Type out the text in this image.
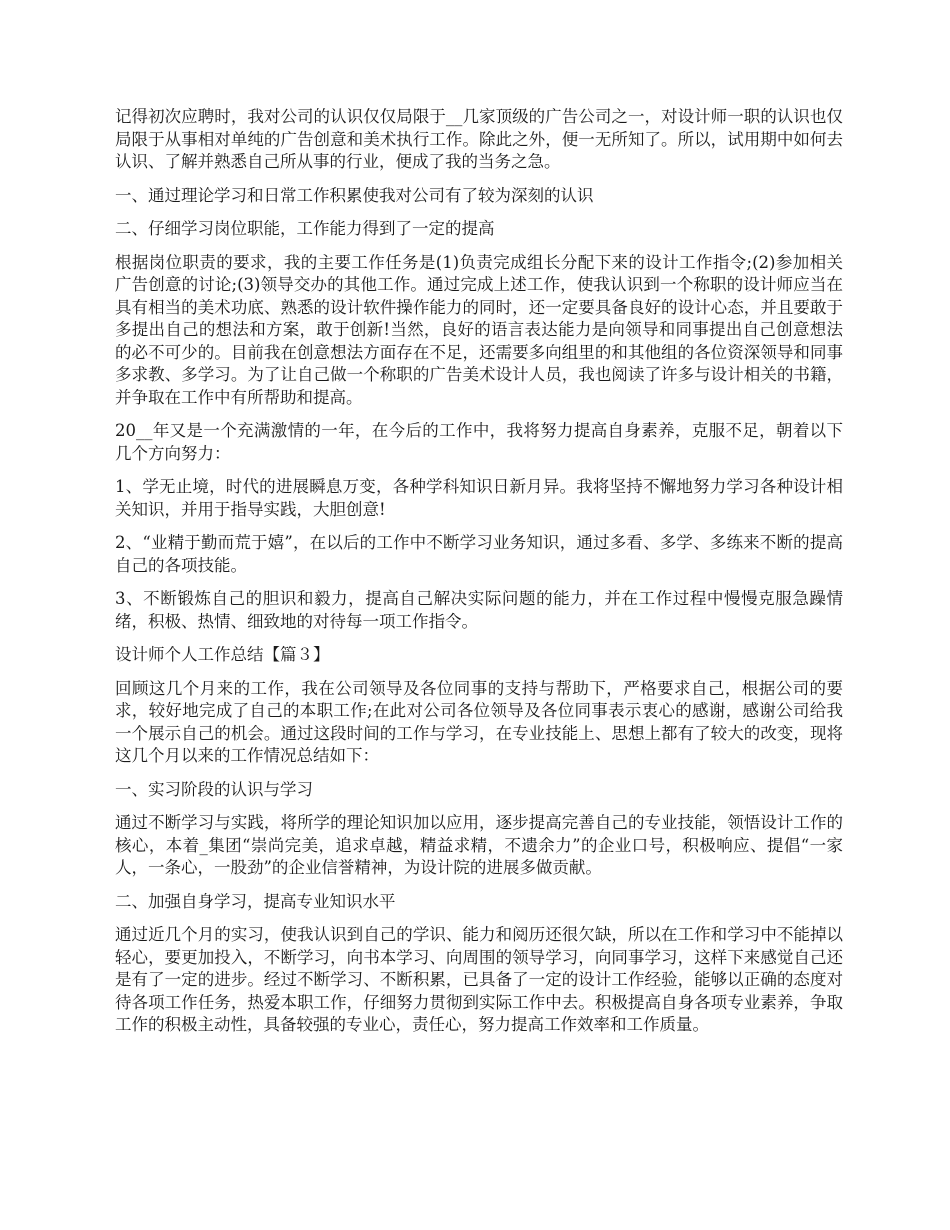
记得初次应聘时，我对公司的认识仅仅局限于__几家顶级的广告公司之一，对设计师一职的认识也仅局限于从事相对单纯的广告创意和美术执行工作。除此之外，便一无所知了。所以，试用期中如何去认识、了解并熟悉自己所从事的行业，便成了我的当务之急。

一、通过理论学习和日常工作积累使我对公司有了较为深刻的认识

二、仔细学习岗位职能，工作能力得到了一定的提高

根据岗位职责的要求，我的主要工作任务是(1)负责完成组长分配下来的设计工作指令;(2)参加相关广告创意的讨论;(3)领导交办的其他工作。通过完成上述工作，使我认识到一个称职的设计师应当在具有相当的美术功底、熟悉的设计软件操作能力的同时，还一定要具备良好的设计心态，并且要敢于多提出自己的想法和方案，敢于创新!当然，良好的语言表达能力是向领导和同事提出自己创意想法的必不可少的。目前我在创意想法方面存在不足，还需要多向组里的和其他组的各位资深领导和同事多求教、多学习。为了让自己做一个称职的广告美术设计人员，我也阅读了许多与设计相关的书籍，并争取在工作中有所帮助和提高。

20__年又是一个充满激情的一年，在今后的工作中，我将努力提高自身素养，克服不足，朝着以下几个方向努力：

1、学无止境，时代的进展瞬息万变，各种学科知识日新月异。我将坚持不懈地努力学习各种设计相关知识，并用于指导实践，大胆创意!

2、“业精于勤而荒于嬉”，在以后的工作中不断学习业务知识，通过多看、多学、多练来不断的提高自己的各项技能。

3、不断锻炼自己的胆识和毅力，提高自己解决实际问题的能力，并在工作过程中慢慢克服急躁情绪，积极、热情、细致地的对待每一项工作指令。

设计师个人工作总结【篇３】

回顾这几个月来的工作，我在公司领导及各位同事的支持与帮助下，严格要求自己，根据公司的要求，较好地完成了自己的本职工作;在此对公司各位领导及各位同事表示衷心的感谢，感谢公司给我一个展示自己的机会。通过这段时间的工作与学习，在专业技能上、思想上都有了较大的改变，现将这几个月以来的工作情况总结如下：

一、实习阶段的认识与学习

通过不断学习与实践，将所学的理论知识加以应用，逐步提高完善自己的专业技能，领悟设计工作的核心，本着_集团“崇尚完美，追求卓越，精益求精，不遗余力”的企业口号，积极响应、提倡“一家人，一条心，一股劲”的企业信誉精神，为设计院的进展多做贡献。

二、加强自身学习，提高专业知识水平

通过近几个月的实习，使我认识到自己的学识、能力和阅历还很欠缺，所以在工作和学习中不能掉以轻心，要更加投入，不断学习，向书本学习、向周围的领导学习，向同事学习，这样下来感觉自己还是有了一定的进步。经过不断学习、不断积累，已具备了一定的设计工作经验，能够以正确的态度对待各项工作任务，热爱本职工作，仔细努力贯彻到实际工作中去。积极提高自身各项专业素养，争取工作的积极主动性，具备较强的专业心，责任心，努力提高工作效率和工作质量。
